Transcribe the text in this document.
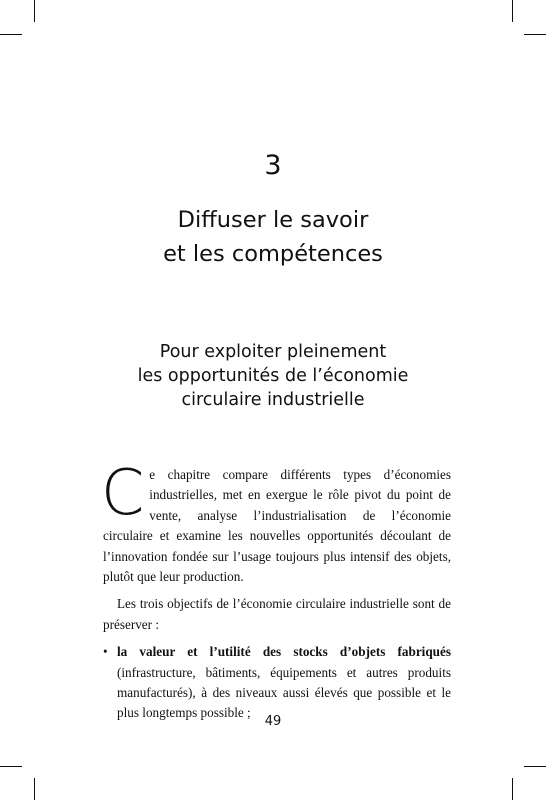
3
Diffuser le savoir
et les compétences
Pour exploiter pleinement
les opportunités de l’économie
circulaire industrielle

Ce chapitre compare différents types d’économies industrielles, met en exergue le rôle pivot du point de vente, analyse l’industrialisation de l’économie circulaire et examine les nouvelles opportunités découlant de l’innovation fondée sur l’usage toujours plus intensif des objets, plutôt que leur production.

Les trois objectifs de l’économie circulaire industrielle sont de préserver :

• la valeur et l’utilité des stocks d’objets fabriqués (infrastructure, bâtiments, équipements et autres produits manufacturés), à des niveaux aussi élevés que possible et le plus longtemps possible ;

49
